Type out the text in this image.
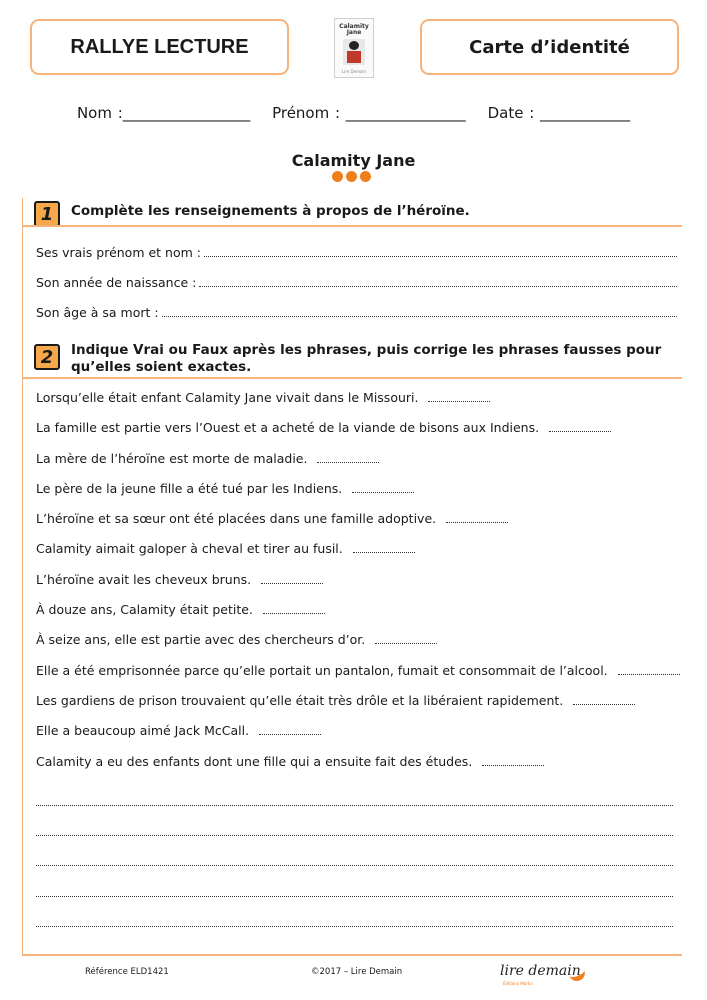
RALLYE LECTURE
Calamity
Jane
Lire Demain
Carte d’identité
Nom :_________________ Prénom : ________________ Date : ____________
Calamity Jane
1	Complète les renseignements à propos de l’héroïne.
Ses vrais prénom et nom :
Son année de naissance :
Son âge à sa mort :
2	Indique Vrai ou Faux après les phrases, puis corrige les phrases fausses pour qu’elles soient exactes.
Lorsqu’elle était enfant Calamity Jane vivait dans le Missouri.
La famille est partie vers l’Ouest et a acheté de la viande de bisons aux Indiens.
La mère de l’héroïne est morte de maladie.
Le père de la jeune fille a été tué par les Indiens.
L’héroïne et sa sœur ont été placées dans une famille adoptive.
Calamity aimait galoper à cheval et tirer au fusil.
L’héroïne avait les cheveux bruns.
À douze ans, Calamity était petite.
À seize ans, elle est partie avec des chercheurs d’or.
Elle a été emprisonnée parce qu’elle portait un pantalon, fumait et consommait de l’alcool.
Les gardiens de prison trouvaient qu’elle était très drôle et la libéraient rapidement.
Elle a beaucoup aimé Jack McCall.
Calamity a eu des enfants dont une fille qui a ensuite fait des études.
Référence ELD1421	©2017 – Lire Demain	lire demain
Éditions Martin
